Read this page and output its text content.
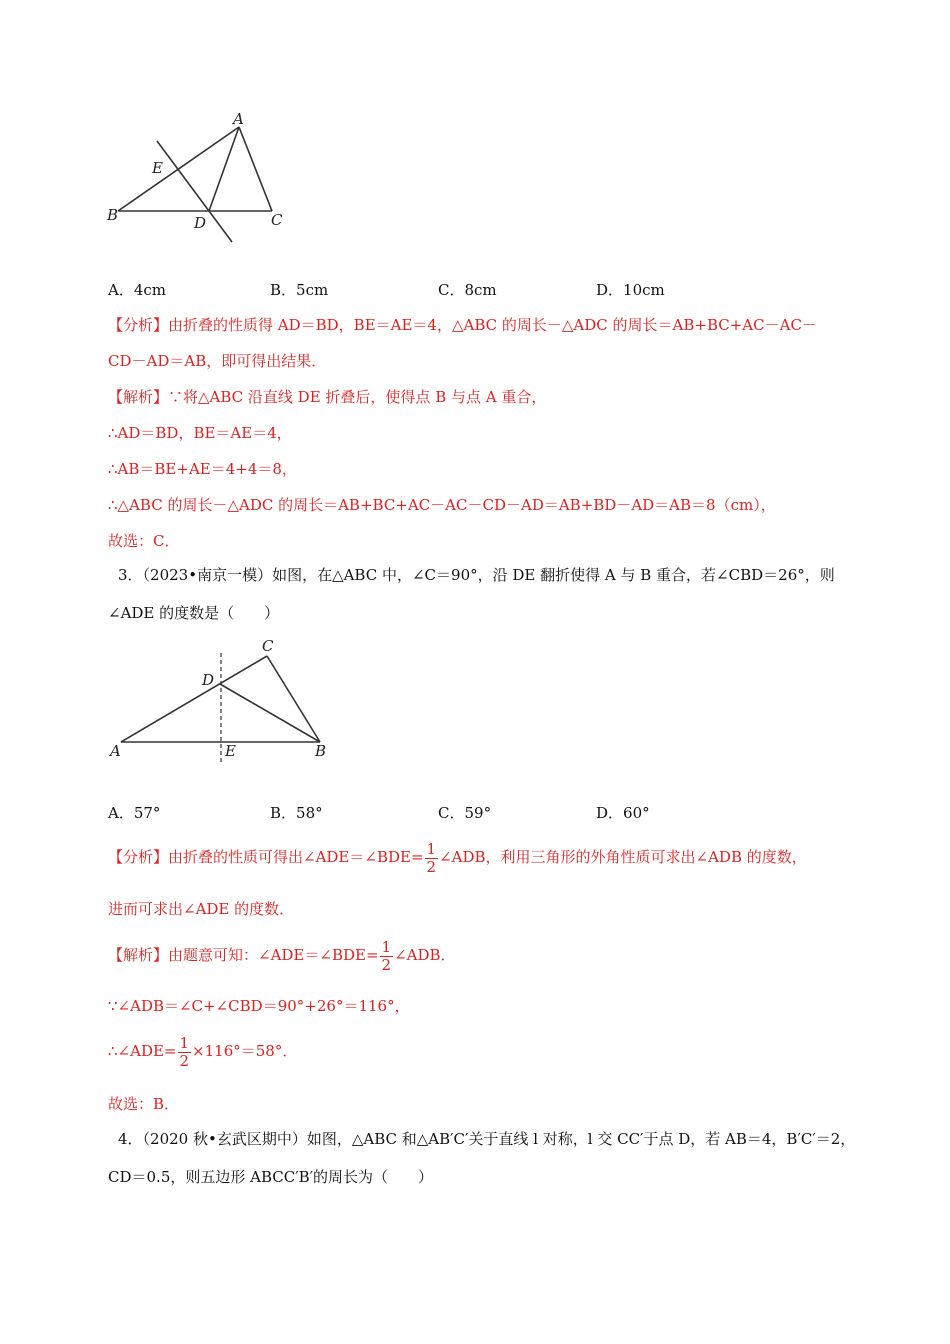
A
E
B	D	C
A．4cm	B．5cm	C．8cm	D．10cm
【分析】由折叠的性质得 AD＝BD，BE＝AE＝4，△ABC 的周长－△ADC 的周长＝AB+BC+AC－AC－
CD－AD＝AB，即可得出结果．
【解析】∵将△ABC 沿直线 DE 折叠后，使得点 B 与点 A 重合，
∴AD＝BD，BE＝AE＝4，
∴AB＝BE+AE＝4+4＝8，
∴△ABC 的周长－△ADC 的周长＝AB+BC+AC－AC－CD－AD＝AB+BD－AD＝AB＝8（cm），
故选：C．
3．（2023•南京一模）如图，在△ABC 中，∠C＝90°，沿 DE 翻折使得 A 与 B 重合，若∠CBD＝26°，则
∠ADE 的度数是（　　）
C
D
A	E	B
A．57°	B．58°	C．59°	D．60°
【分析】由折叠的性质可得出∠ADE＝∠BDE= $\frac{1}{2}$ ∠ADB，利用三角形的外角性质可求出∠ADB 的度数，
进而可求出∠ADE 的度数．
【解析】由题意可知：∠ADE＝∠BDE= $\frac{1}{2}$ ∠ADB．
∵∠ADB＝∠C+∠CBD＝90°+26°＝116°，
∴∠ADE= $\frac{1}{2} \times 116^\circ=58^\circ$．
故选：B．
4．（2020 秋•玄武区期中）如图，△ABC 和△AB′C′关于直线 l 对称，l 交 CC′于点 D，若 AB＝4，B′C′＝2，
CD＝0.5，则五边形 ABCC′B′的周长为（　　）
